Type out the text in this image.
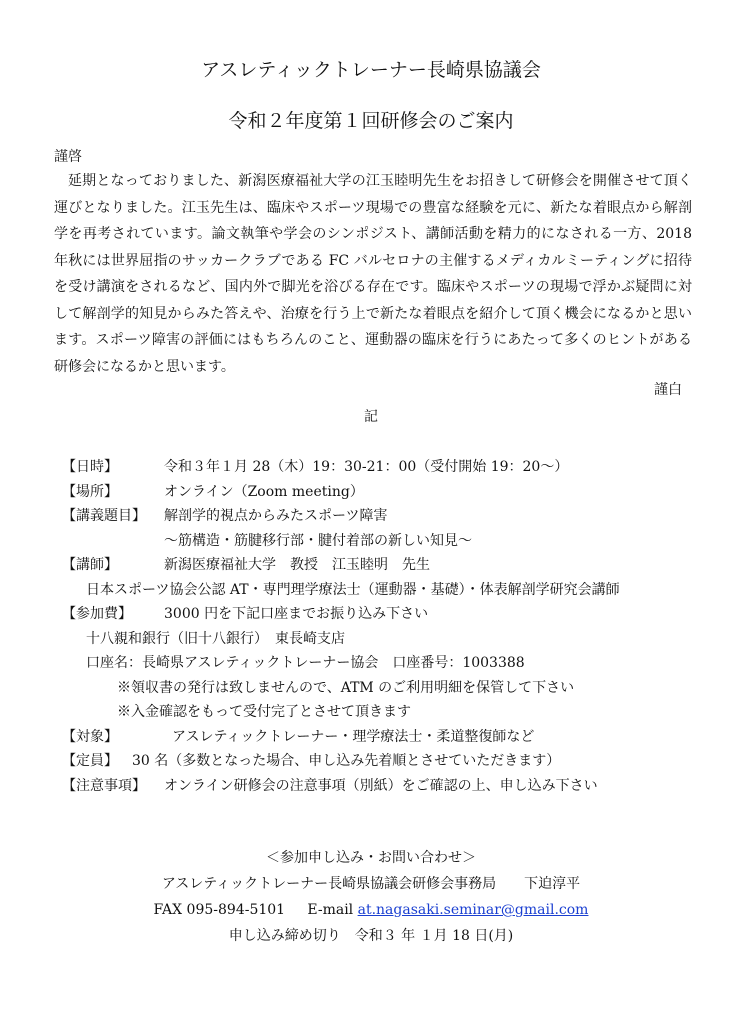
アスレティックトレーナー長崎県協議会
令和２年度第１回研修会のご案内
謹啓

延期となっておりました、新潟医療福祉大学の江玉睦明先生をお招きして研修会を開催させて頂く運びとなりました。江玉先生は、臨床やスポーツ現場での豊富な経験を元に、新たな着眼点から解剖学を再考されています。論文執筆や学会のシンポジスト、講師活動を精力的になされる一方、2018 年秋には世界屈指のサッカークラブである FC バルセロナの主催するメディカルミーティングに招待を受け講演をされるなど、国内外で脚光を浴びる存在です。臨床やスポーツの現場で浮かぶ疑問に対して解剖学的知見からみた答えや、治療を行う上で新たな着眼点を紹介して頂く機会になるかと思います。スポーツ障害の評価にはもちろんのこと、運動器の臨床を行うにあたって多くのヒントがある研修会になるかと思います。

謹白
記
【日時】	令和３年１月 28（木）19：30-21：00（受付開始 19：20～）
【場所】	オンライン（Zoom meeting）
【講義題目】 解剖学的視点からみたスポーツ障害
～筋構造・筋腱移行部・腱付着部の新しい知見～
【講師】	新潟医療福祉大学　教授　江玉睦明　先生
日本スポーツ協会公認 AT・専門理学療法士（運動器・基礎）・体表解剖学研究会講師
【参加費】 3000 円を下記口座までお振り込み下さい
十八親和銀行（旧十八銀行）　東長崎支店
口座名：長崎県アスレティックトレーナー協会　口座番号：1003388
※領収書の発行は致しませんので、ATM のご利用明細を保管して下さい
※入金確認をもって受付完了とさせて頂きます
【対象】	アスレティックトレーナー・理学療法士・柔道整復師など
【定員】 30 名（多数となった場合、申し込み先着順とさせていただきます）
【注意事項】 オンライン研修会の注意事項（別紙）をご確認の上、申し込み下さい
＜参加申し込み・お問い合わせ＞
アスレティックトレーナー長崎県協議会研修会事務局　　下迫淳平
FAX 095-894-5101 E-mail at.nagasaki.seminar@gmail.com
申し込み締め切り　令和３ 年 １月 18 日(月)
